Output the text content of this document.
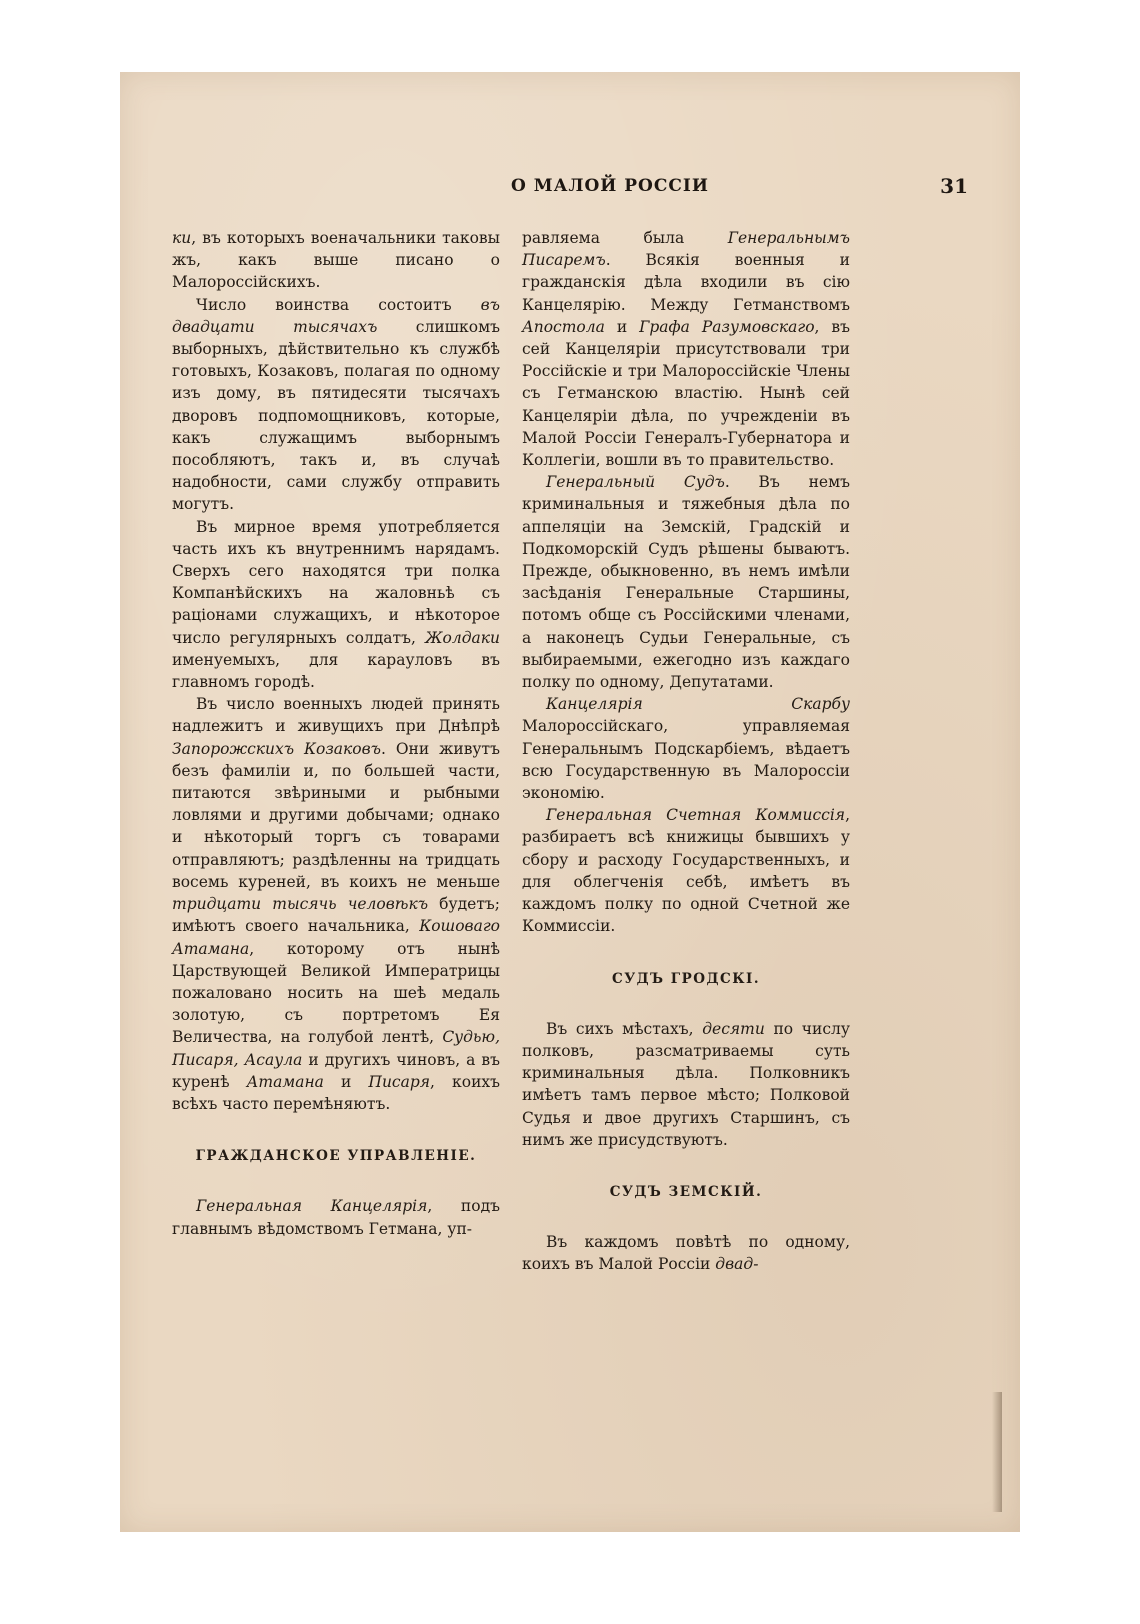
О МАЛОЙ РОССІИ	31

ки, въ которыхъ военачальники таковы жъ, какъ выше писано о Малороссійскихъ.

Число воинства состоитъ въ двадцати тысячахъ слишкомъ выборныхъ, дѣйствительно къ службѣ готовыхъ, Козаковъ, полагая по одному изъ дому, въ пятидесяти тысячахъ дворовъ подпомощниковъ, которые, какъ служащимъ выборнымъ пособляютъ, такъ и, въ случаѣ надобности, сами службу отправить могутъ.

Въ мирное время употребляется часть ихъ къ внутреннимъ нарядамъ. Сверхъ сего находятся три полка Компанѣйскихъ на жаловньѣ съ раціонами служащихъ, и нѣкоторое число регулярныхъ солдатъ, Жолдаки именуемыхъ, для карауловъ въ главномъ городѣ.

Въ число военныхъ людей принять надлежитъ и живущихъ при Днѣпрѣ Запорожскихъ Козаковъ. Они живутъ безъ фамиліи и, по большей части, питаются звѣриными и рыбными ловлями и другими добычами; однако и нѣкоторый торгъ съ товарами отправляютъ; раздѣленны на тридцать восемь куреней, въ коихъ не меньше тридцати тысячь человѣкъ будетъ; имѣютъ своего начальника, Кошоваго Атамана, которому отъ нынѣ Царствующей Великой Императрицы пожаловано носить на шеѣ медаль золотую, съ портретомъ Ея Величества, на голубой лентѣ, Судью, Писаря, Асаула и другихъ чиновъ, а въ куренѣ Атамана и Писаря, коихъ всѣхъ часто перемѣняютъ.

ГРАЖДАНСКОЕ УПРАВЛЕНІЕ.

Генеральная Канцелярія, подъ главнымъ вѣдомствомъ Гетмана, уп-

равляема была Генеральнымъ Писаремъ. Всякія военныя и гражданскія дѣла входили въ сію Канцелярію. Между Гетманствомъ Апостола и Графа Разумовскаго, въ сей Канцеляріи присутствовали три Россійскіе и три Малороссійскіе Члены съ Гетманскою властію. Нынѣ сей Канцеляріи дѣла, по учрежденіи въ Малой Россіи Генералъ-Губернатора и Коллегіи, вошли въ то правительство.

Генеральный Судъ. Въ немъ криминальныя и тяжебныя дѣла по аппеляціи на Земскій, Градскій и Подкоморскій Судъ рѣшены бываютъ. Прежде, обыкновенно, въ немъ имѣли засѣданія Генеральные Старшины, потомъ обще съ Россійскими членами, а наконецъ Судьи Генеральные, съ выбираемыми, ежегодно изъ каждаго полку по одному, Депутатами.

Канцелярія Скарбу Малороссійскаго, управляемая Генеральнымъ Подскарбіемъ, вѣдаетъ всю Государственную въ Малороссіи экономію.

Генеральная Счетная Коммиссія, разбираетъ всѣ книжицы бывшихъ у сбору и расходу Государственныхъ, и для облегченія себѣ, имѣетъ въ каждомъ полку по одной Счетной же Коммиссіи.

СУДЪ ГРОДСКІ.

Въ сихъ мѣстахъ, десяти по числу полковъ, разсматриваемы суть криминальныя дѣла. Полковникъ имѣетъ тамъ первое мѣсто; Полковой Судья и двое другихъ Старшинъ, съ нимъ же присудствуютъ.

СУДЪ ЗЕМСКІЙ.

Въ каждомъ повѣтѣ по одному, коихъ въ Малой Россіи двад-
